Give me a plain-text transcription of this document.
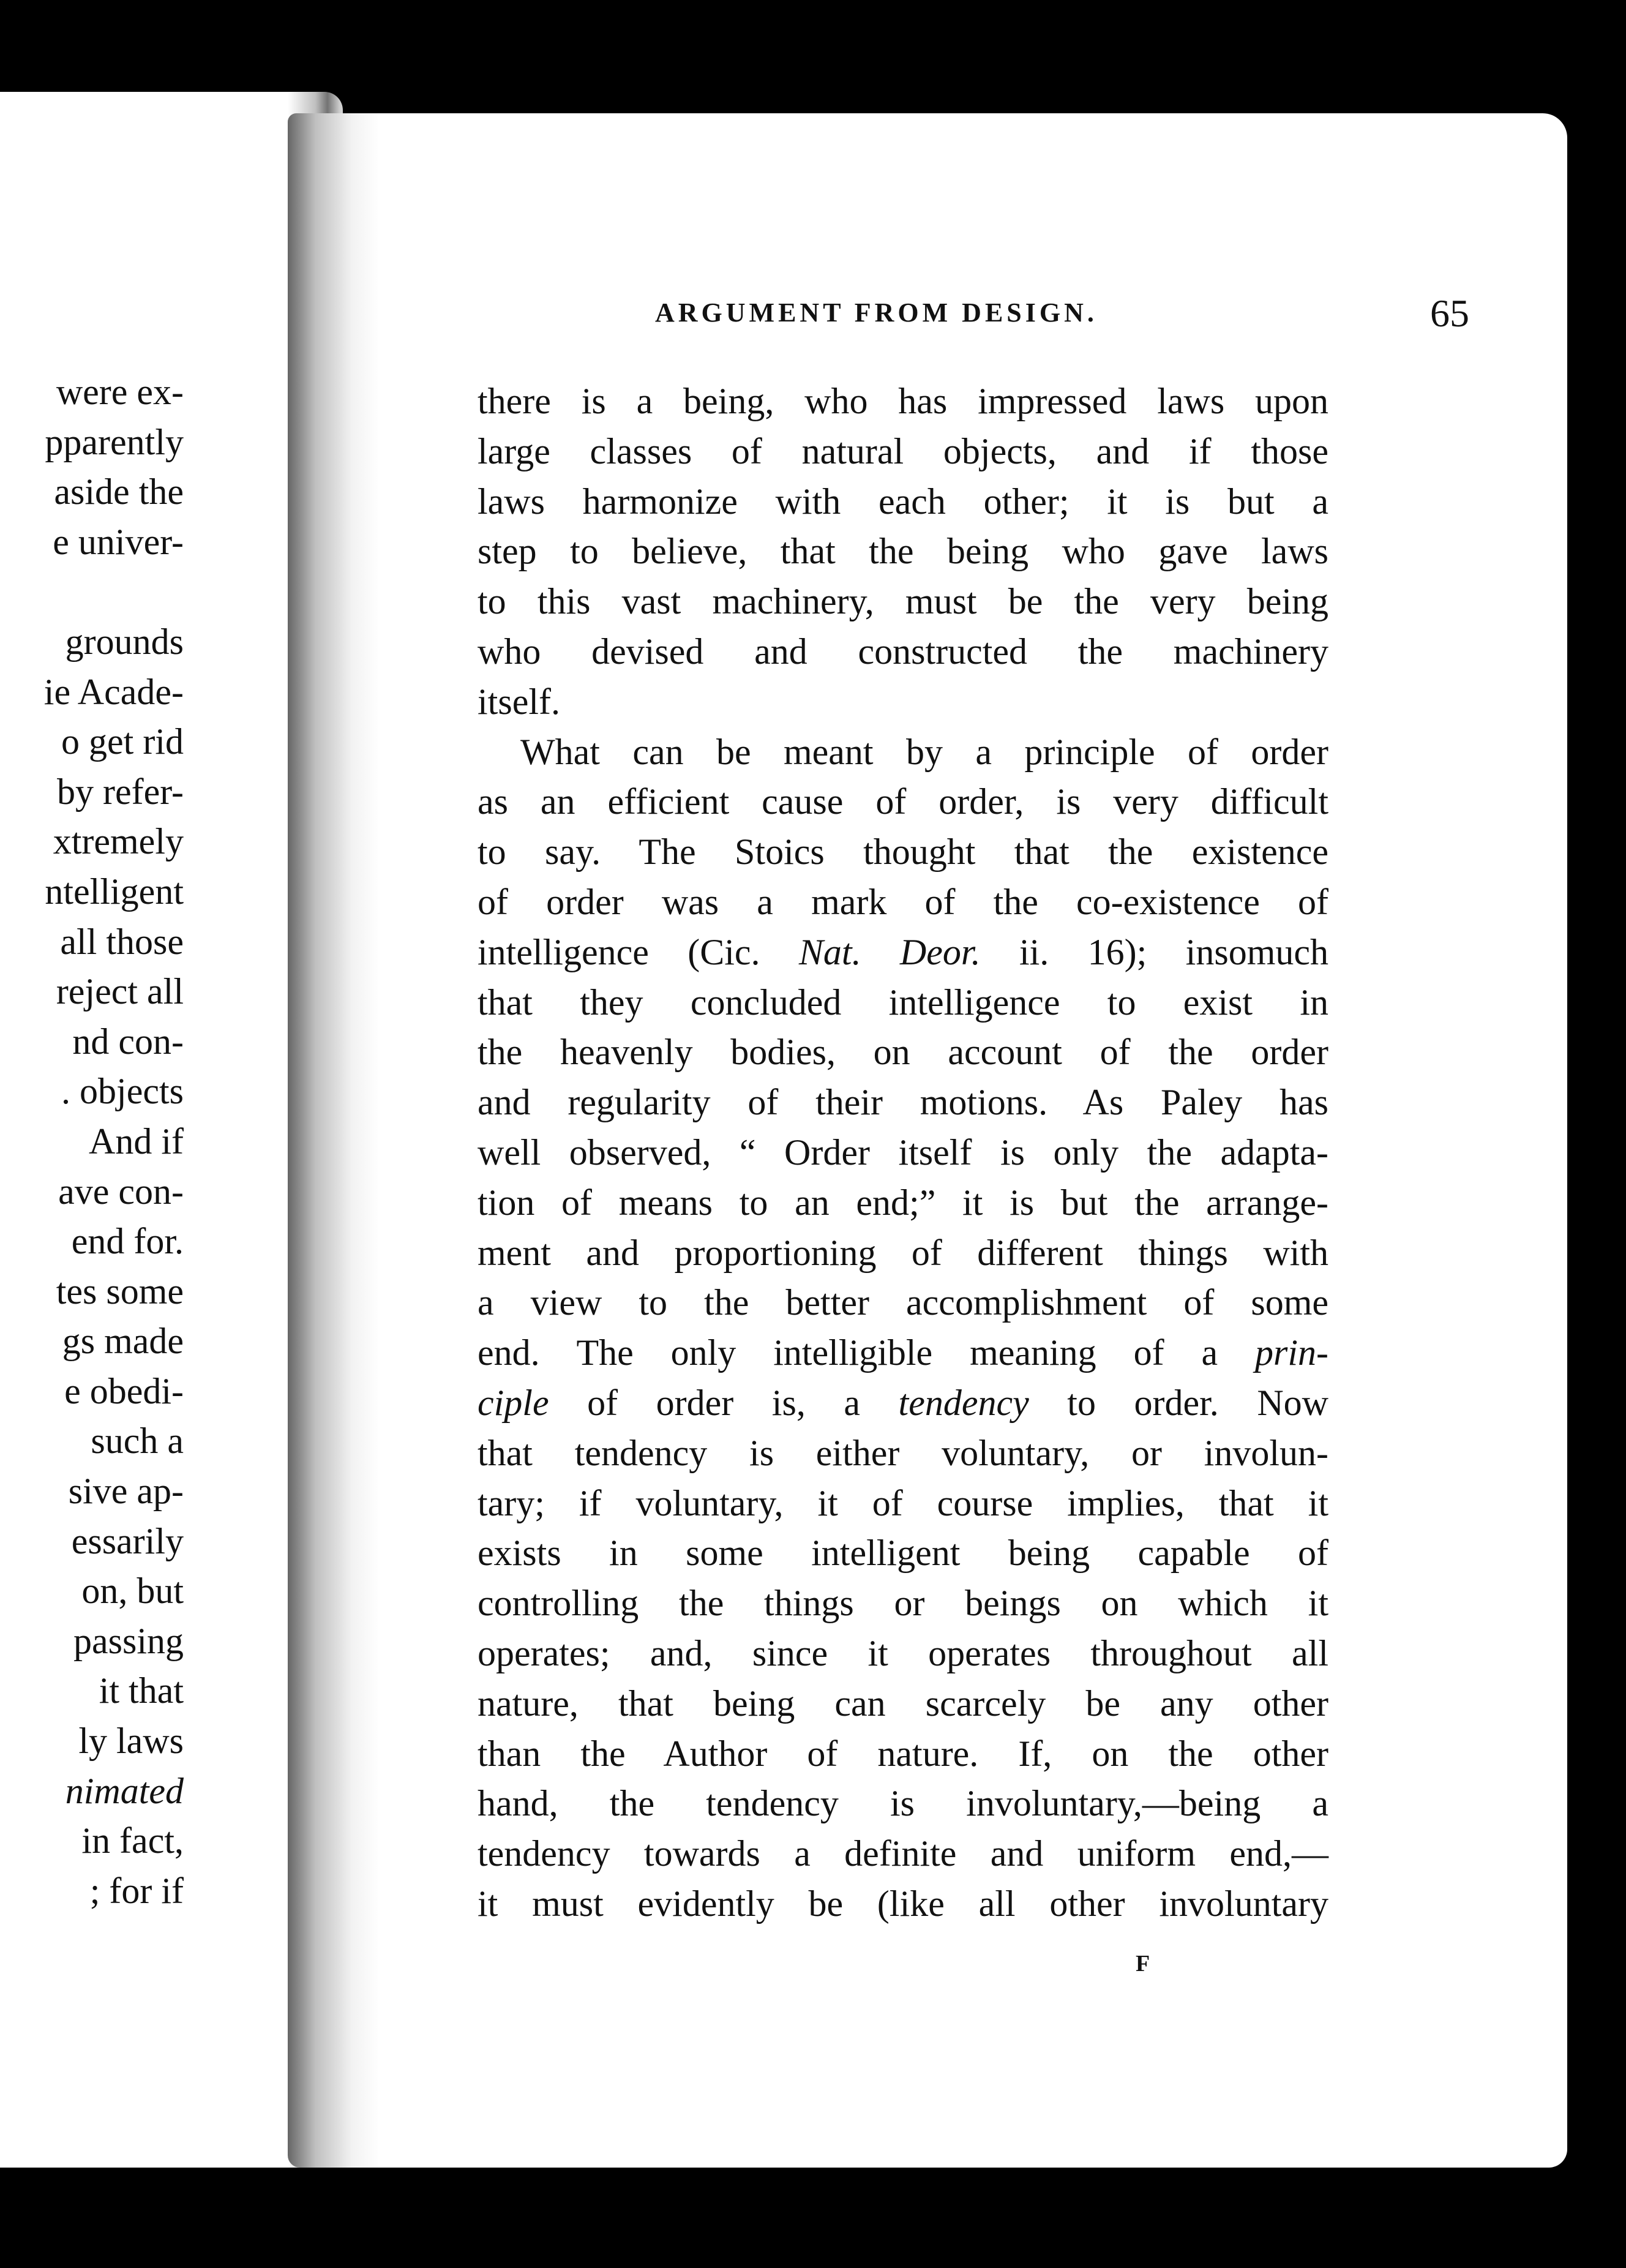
were ex-
pparently
aside the
e univer-
grounds
ie Acade-
o get rid
by refer-
xtremely
ntelligent
all those
reject all
nd con-
. objects
And if
ave con-
end for.
tes some
gs made
e obedi-
such a
sive ap-
essarily
on, but
passing
it that
ly laws
nimated
in fact,
; for if
ARGUMENT FROM DESIGN.	65
there is a being, who has impressed laws upon
large classes of natural objects, and if those
laws harmonize with each other; it is but a
step to believe, that the being who gave laws
to this vast machinery, must be the very being
who devised and constructed the machinery
itself.
What can be meant by a principle of order
as an efficient cause of order, is very difficult
to say. The Stoics thought that the existence
of order was a mark of the co-existence of
intelligence (Cic. Nat. Deor. ii. 16); insomuch
that they concluded intelligence to exist in
the heavenly bodies, on account of the order
and regularity of their motions. As Paley has
well observed, “ Order itself is only the adapta-
tion of means to an end;” it is but the arrange-
ment and proportioning of different things with
a view to the better accomplishment of some
end. The only intelligible meaning of a prin-
ciple of order is, a tendency to order. Now
that tendency is either voluntary, or involun-
tary; if voluntary, it of course implies, that it
exists in some intelligent being capable of
controlling the things or beings on which it
operates; and, since it operates throughout all
nature, that being can scarcely be any other
than the Author of nature. If, on the other
hand, the tendency is involuntary,—being a
tendency towards a definite and uniform end,—
it must evidently be (like all other involuntary
F
